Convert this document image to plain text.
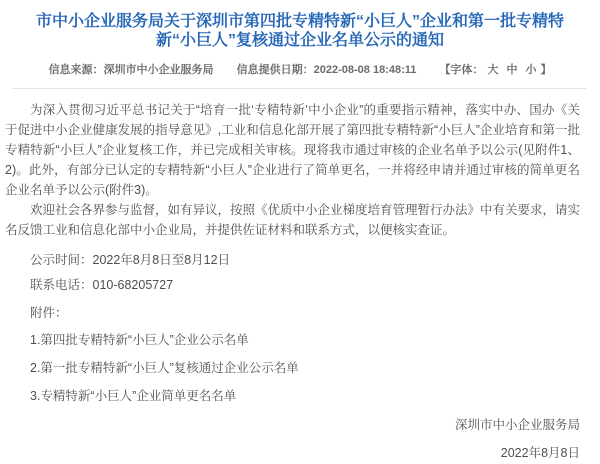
市中小企业服务局关于深圳市第四批专精特新“小巨人”企业和第一批专精特新“小巨人”复核通过企业名单公示的通知
信息来源：深圳市中小企业服务局 信息提供日期：2022-08-08 18:48:11 【字体： 大 中 小 】

为深入贯彻习近平总书记关于“培育一批‘专精特新’中小企业”的重要指示精神，落实中办、国办《关于促进中小企业健康发展的指导意见》,工业和信息化部开展了第四批专精特新“小巨人”企业培育和第一批专精特新“小巨人”企业复核工作，并已完成相关审核。现将我市通过审核的企业名单予以公示(见附件1、2)。此外，有部分已认定的专精特新“小巨人”企业进行了简单更名，一并将经申请并通过审核的简单更名企业名单予以公示(附件3)。

欢迎社会各界参与监督，如有异议，按照《优质中小企业梯度培育管理暂行办法》中有关要求，请实名反馈工业和信息化部中小企业局，并提供佐证材料和联系方式，以便核实查证。

公示时间：2022年8月8日至8月12日

联系电话：010-68205727

附件：

1.第四批专精特新“小巨人”企业公示名单

2.第一批专精特新“小巨人”复核通过企业公示名单

3.专精特新“小巨人”企业简单更名名单

深圳市中小企业服务局

2022年8月8日
